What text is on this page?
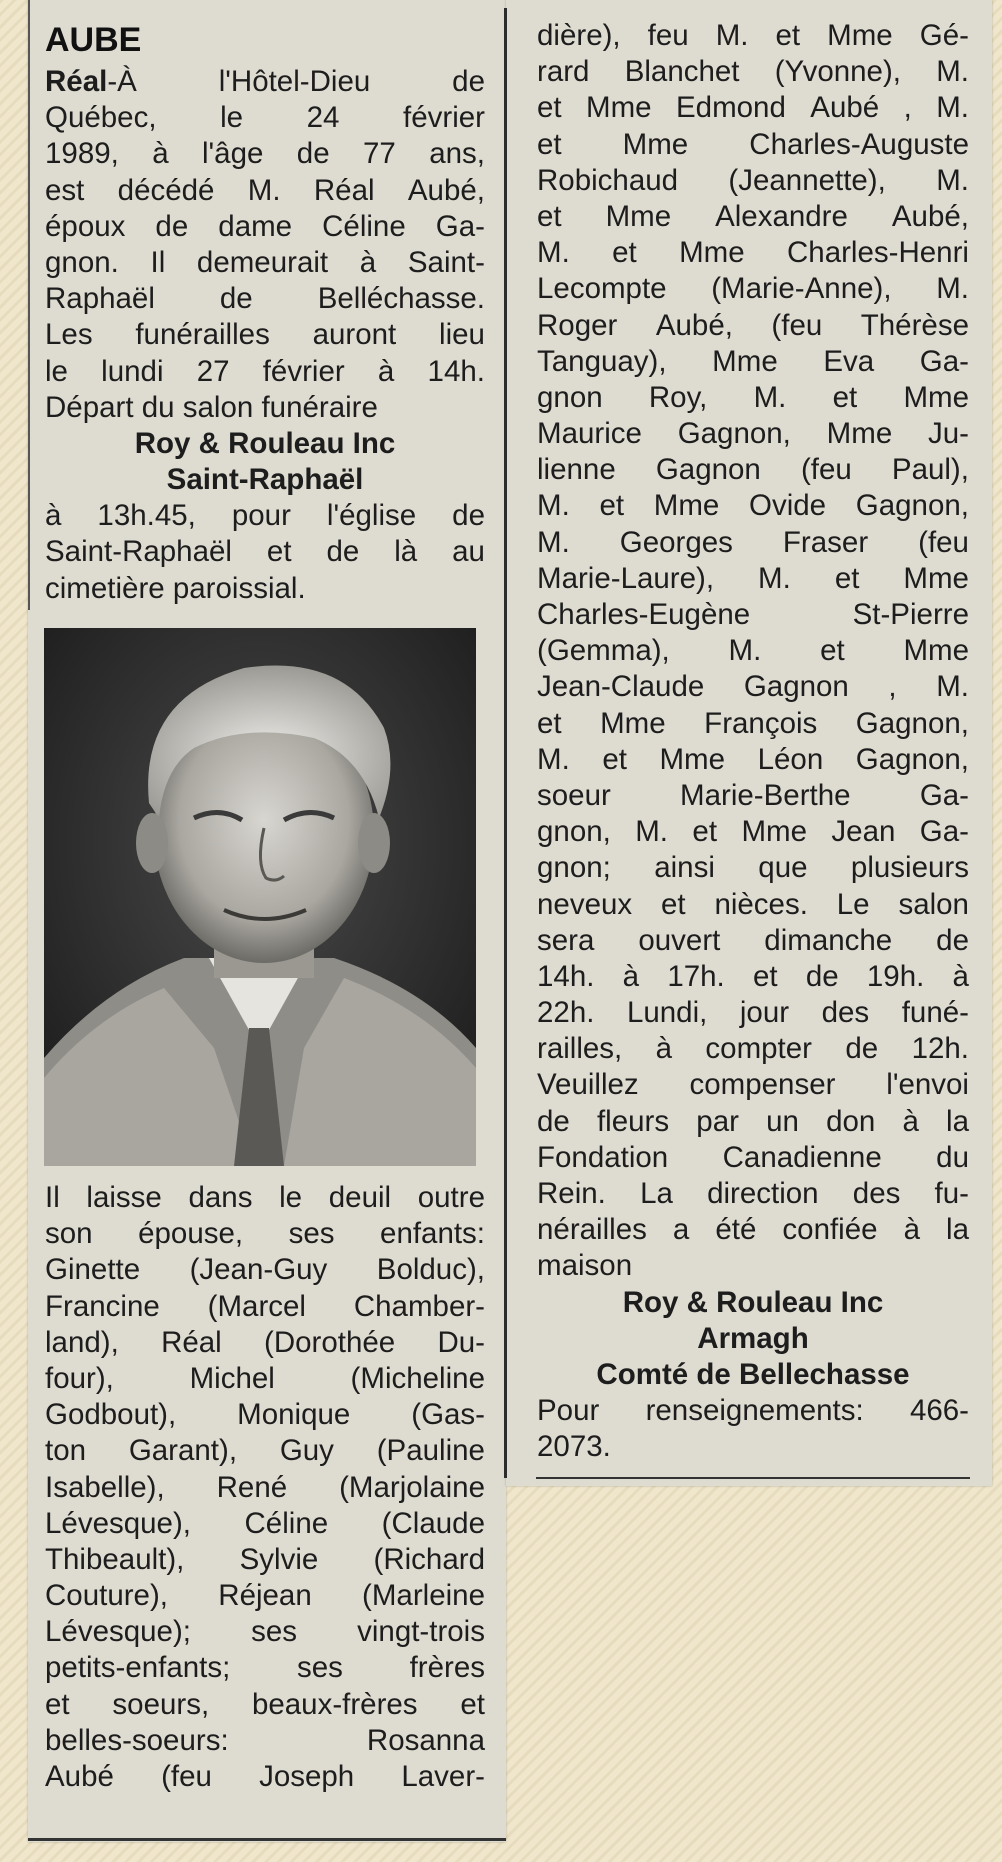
AUBE
Réal-À	l'Hôtel-Dieu	de
Québec, le 24 février
1989, à l'âge de 77 ans,
est décédé M. Réal Aubé,
époux de dame Céline Ga-
gnon. Il demeurait à Saint-
Raphaël de Belléchasse.
Les funérailles auront lieu
le lundi 27 février à 14h.
Départ du salon funéraire
Roy & Rouleau Inc
Saint-Raphaël
à 13h.45, pour l'église de
Saint-Raphaël et de là au
cimetière paroissial.
Il laisse dans le deuil outre
son épouse, ses enfants:
Ginette (Jean-Guy Bolduc),
Francine (Marcel Chamber-
land), Réal (Dorothée Du-
four),	Michel	(Micheline
Godbout), Monique (Gas-
ton Garant), Guy (Pauline
Isabelle), René (Marjolaine
Lévesque), Céline (Claude
Thibeault), Sylvie (Richard
Couture), Réjean (Marleine
Lévesque); ses vingt-trois
petits-enfants; ses frères
et soeurs, beaux-frères et
belles-soeurs:	Rosanna
Aubé (feu Joseph Laver-
dière), feu M. et Mme Gé-
rard Blanchet (Yvonne), M.
et Mme Edmond Aubé , M.
et Mme Charles-Auguste
Robichaud (Jeannette), M.
et Mme Alexandre Aubé,
M. et Mme Charles-Henri
Lecompte (Marie-Anne), M.
Roger Aubé, (feu Thérèse
Tanguay), Mme Eva Ga-
gnon Roy, M. et Mme
Maurice Gagnon, Mme Ju-
lienne Gagnon (feu Paul),
M. et Mme Ovide Gagnon,
M. Georges Fraser (feu
Marie-Laure), M. et Mme
Charles-Eugène	St-Pierre
(Gemma), M. et Mme
Jean-Claude Gagnon , M.
et Mme François Gagnon,
M. et Mme Léon Gagnon,
soeur Marie-Berthe Ga-
gnon, M. et Mme Jean Ga-
gnon; ainsi que plusieurs
neveux et nièces. Le salon
sera ouvert dimanche de
14h. à 17h. et de 19h. à
22h. Lundi, jour des funé-
railles, à compter de 12h.
Veuillez compenser l'envoi
de fleurs par un don à la
Fondation Canadienne du
Rein. La direction des fu-
nérailles a été confiée à la
maison
Roy & Rouleau Inc
Armagh
Comté de Bellechasse
Pour renseignements: 466-
2073.
